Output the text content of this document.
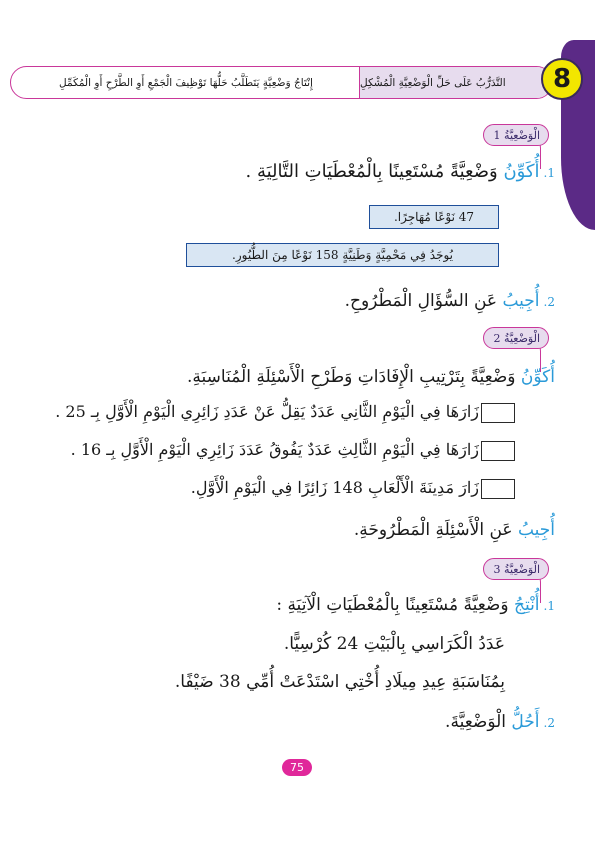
التَّدَرُّبُ عَلَى حَلِّ الْوَضْعِيَّةِ الْمُشْكِلِ
إِنْتَاجُ وَضْعِيَّةٍ يَتَطَلَّبُ حَلُّهَا تَوْظِيفَ الْجَمْعِ أَوِ الطَّرْحِ أَوِ الْمُكَمِّلِ	8
الْوَضْعِيَّةُ 1
1.أُكَوِّنُ وَضْعِيَّةً مُسْتَعِينًا بِالْمُعْطَيَاتِ التَّالِيَةِ .
47 نَوْعًا مُهَاجِرًا.
يُوجَدُ فِي مَحْمِيَّةٍ وَطَنِيَّةٍ 158 نَوْعًا مِنَ الطُّيُورِ.
2.أُجِيبُ عَنِ السُّؤَالِ الْمَطْرُوحِ.
الْوَضْعِيَّةُ 2
أُكَوِّنُ وَضْعِيَّةً بِتَرْتِيبِ الْإِفَادَاتِ وَطَرْحِ الْأَسْئِلَةِ الْمُنَاسِبَةِ.
زَارَهَا فِي الْيَوْمِ الثَّانِي عَدَدٌ يَقِلُّ عَنْ عَدَدِ زَائِرِي الْيَوْمِ الْأَوَّلِ بِـ 25 .
زَارَهَا فِي الْيَوْمِ الثَّالِثِ عَدَدٌ يَفُوقُ عَدَدَ زَائِرِي الْيَوْمِ الْأَوَّلِ بِـ 16 .
زَارَ مَدِينَةَ الْأَلْعَابِ 148 زَائِرًا فِي الْيَوْمِ الْأَوَّلِ.
أُجِيبُ عَنِ الْأَسْئِلَةِ الْمَطْرُوحَةِ.
الْوَضْعِيَّةُ 3
1.أُنْتِجُ وَضْعِيَّةً مُسْتَعِينًا بِالْمُعْطَيَاتِ الْآتِيَةِ :
عَدَدُ الْكَرَاسِي بِالْبَيْتِ 24 كُرْسِيًّا.
بِمُنَاسَبَةِ عِيدِ مِيلَادِ أُخْتِي اسْتَدْعَتْ أُمِّي 38 ضَيْفًا.
2.أَحُلُّ الْوَضْعِيَّةَ.
75
